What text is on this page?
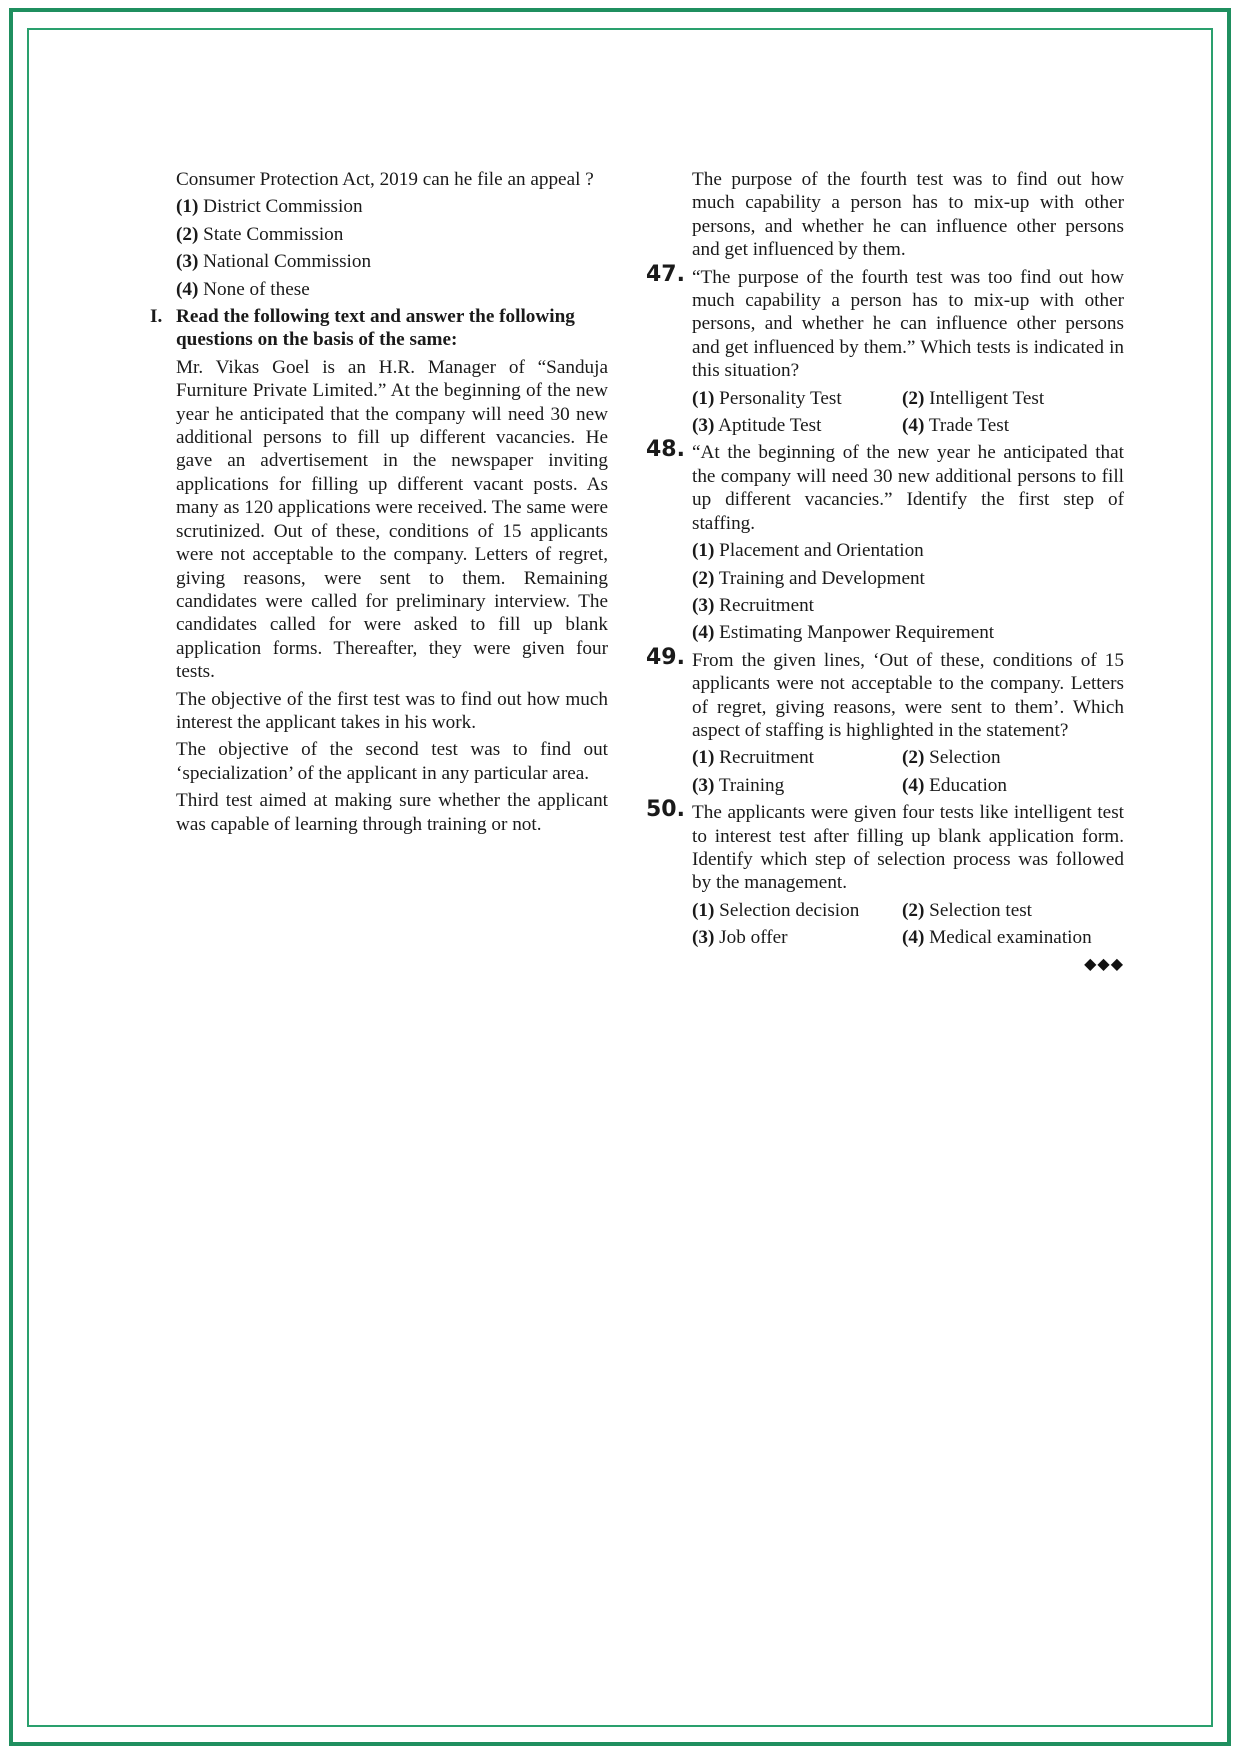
Consumer Protection Act, 2019 can he file an appeal ?

(1) District Commission
(2) State Commission
(3) National Commission
(4) None of these
I. Read the following text and answer the following questions on the basis of the same:

Mr. Vikas Goel is an H.R. Manager of “Sanduja Furniture Private Limited.” At the beginning of the new year he anticipated that the company will need 30 new additional persons to fill up different vacancies. He gave an advertisement in the newspaper inviting applications for filling up different vacant posts. As many as 120 applications were received. The same were scrutinized. Out of these, conditions of 15 applicants were not acceptable to the company. Letters of regret, giving reasons, were sent to them. Remaining candidates were called for preliminary interview. The candidates called for were asked to fill up blank application forms. Thereafter, they were given four tests.

The objective of the first test was to find out how much interest the applicant takes in his work.

The objective of the second test was to find out ‘specialization’ of the applicant in any particular area.

Third test aimed at making sure whether the applicant was capable of learning through training or not.

The purpose of the fourth test was to find out how much capability a person has to mix-up with other persons, and whether he can influence other persons and get influenced by them.

47. “The purpose of the fourth test was too find out how much capability a person has to mix-up with other persons, and whether he can influence other persons and get influenced by them.” Which tests is indicated in this situation?

(1) Personality Test	(2) Intelligent Test
(3) Aptitude Test	(4) Trade Test
48. “At the beginning of the new year he anticipated that the company will need 30 new additional persons to fill up different vacancies.” Identify the first step of staffing.

(1) Placement and Orientation
(2) Training and Development
(3) Recruitment
(4) Estimating Manpower Requirement
49. From the given lines, ‘Out of these, conditions of 15 applicants were not acceptable to the company. Letters of regret, giving reasons, were sent to them’. Which aspect of staffing is highlighted in the statement?

(1) Recruitment	(2) Selection
(3) Training	(4) Education
50. The applicants were given four tests like intelligent test to interest test after filling up blank application form. Identify which step of selection process was followed by the management.

(1) Selection decision	(2) Selection test
(3) Job offer	(4) Medical examination
◆◆◆
